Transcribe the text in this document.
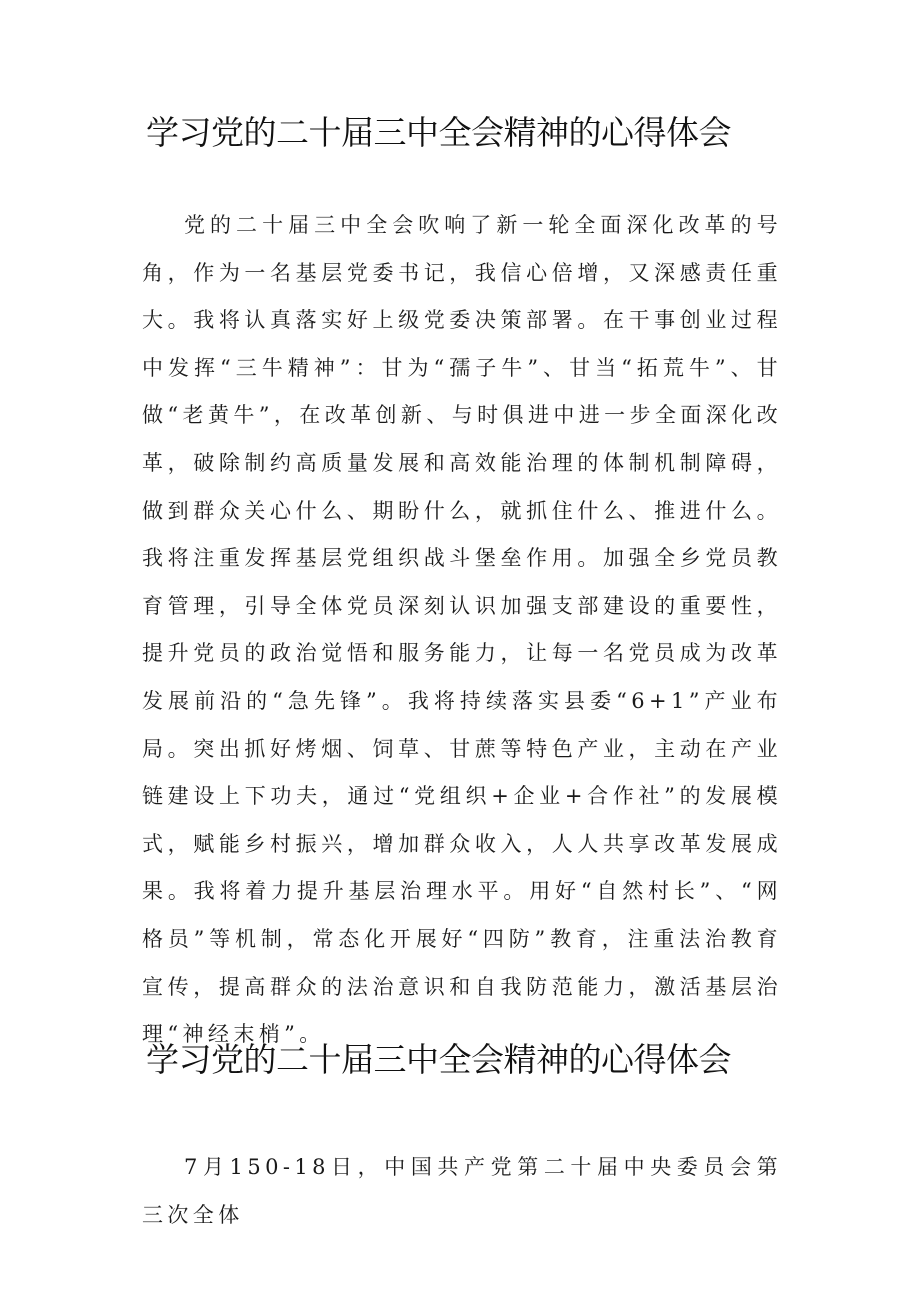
学习党的二十届三中全会精神的心得体会

党的二十届三中全会吹响了新一轮全面深化改革的号角，作为一名基层党委书记，我信心倍增，又深感责任重大。我将认真落实好上级党委决策部署。在干事创业过程中发挥“三牛精神”：甘为“孺子牛”、甘当“拓荒牛”、甘做“老黄牛”，在改革创新、与时俱进中进一步全面深化改革，破除制约高质量发展和高效能治理的体制机制障碍，做到群众关心什么、期盼什么，就抓住什么、推进什么。我将注重发挥基层党组织战斗堡垒作用。加强全乡党员教育管理，引导全体党员深刻认识加强支部建设的重要性，提升党员的政治觉悟和服务能力，让每一名党员成为改革发展前沿的“急先锋”。我将持续落实县委“6+1”产业布局。突出抓好烤烟、饲草、甘蔗等特色产业，主动在产业链建设上下功夫，通过“党组织+企业+合作社”的发展模式，赋能乡村振兴，增加群众收入，人人共享改革发展成果。我将着力提升基层治理水平。用好“自然村长”、“网格员”等机制，常态化开展好“四防”教育，注重法治教育宣传，提高群众的法治意识和自我防范能力，激活基层治理“神经末梢”。

学习党的二十届三中全会精神的心得体会

7月150-18日，中国共产党第二十届中央委员会第三次全体
